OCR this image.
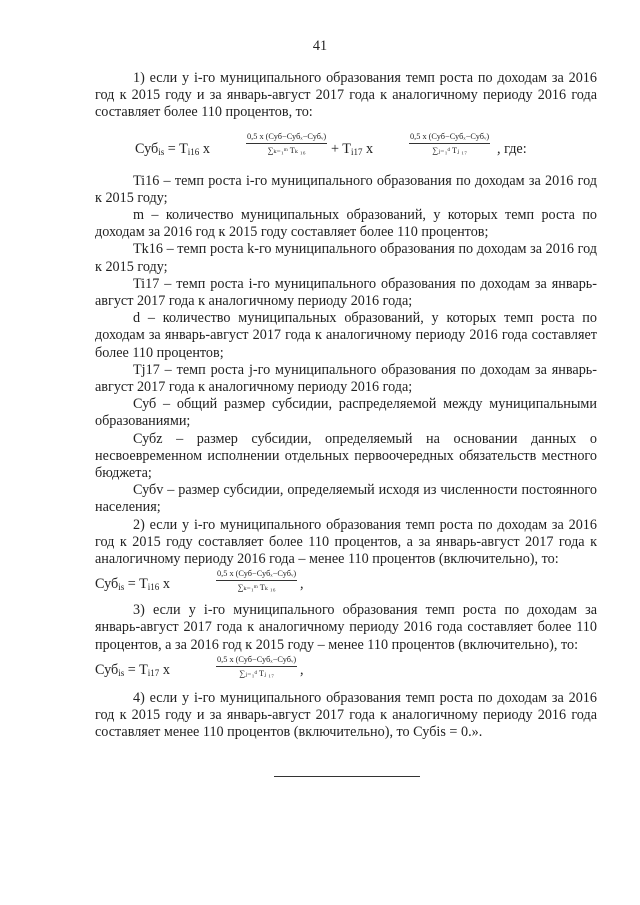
41

1) если у i-го муниципального образования темп роста по доходам за 2016 год к 2015 году и за январь-август 2017 года к аналогичному периоду 2016 года составляет более 110 процентов, то:

$Суб_{is} = T_{i16}$ x
0,5 x (Суб−Субₓ−Субᵥ)
∑ₖ₌₁ᵐ Tₖ ₁₆	+ $T_{i17}$ x
0,5 x (Суб−Субₓ−Субᵥ)
∑ⱼ₌₁ᵈ Tⱼ ₁₇	, где:

Ti16 – темп роста i-го муниципального образования по доходам за 2016 год к 2015 году;

m – количество муниципальных образований, у которых темп роста по доходам за 2016 год к 2015 году составляет более 110 процентов;

Tk16 – темп роста k-го муниципального образования по доходам за 2016 год к 2015 году;

Ti17 – темп роста i-го муниципального образования по доходам за январь-август 2017 года к аналогичному периоду 2016 года;

d – количество муниципальных образований, у которых темп роста по доходам за январь-август 2017 года к аналогичному периоду 2016 года составляет более 110 процентов;

Tj17 – темп роста j-го муниципального образования по доходам за январь-август 2017 года к аналогичному периоду 2016 года;

Суб – общий размер субсидии, распределяемой между муниципальными образованиями;

Субz – размер субсидии, определяемый на основании данных о несвоевременном исполнении отдельных первоочередных обязательств местного бюджета;

Субv – размер субсидии, определяемый исходя из численности постоянного населения;

2) если у i-го муниципального образования темп роста по доходам за 2016 год к 2015 году составляет более 110 процентов, а за январь-август 2017 года к аналогичному периоду 2016 года – менее 110 процентов (включительно), то:

$Суб_{is} = T_{i16}$ x
0,5 x (Суб−Субₓ−Субᵥ)
∑ₖ₌₁ᵐ Tₖ ₁₆	,

3) если у i-го муниципального образования темп роста по доходам за январь-август 2017 года к аналогичному периоду 2016 года составляет более 110 процентов, а за 2016 год к 2015 году – менее 110 процентов (включительно), то:

$Суб_{is} = T_{i17}$ x
0,5 x (Суб−Субₓ−Субᵥ)
∑ⱼ₌₁ᵈ Tⱼ ₁₇	,

4) если у i-го муниципального образования темп роста по доходам за 2016 год к 2015 году и за январь-август 2017 года к аналогичному периоду 2016 года составляет менее 110 процентов (включительно), то Субis = 0.».
